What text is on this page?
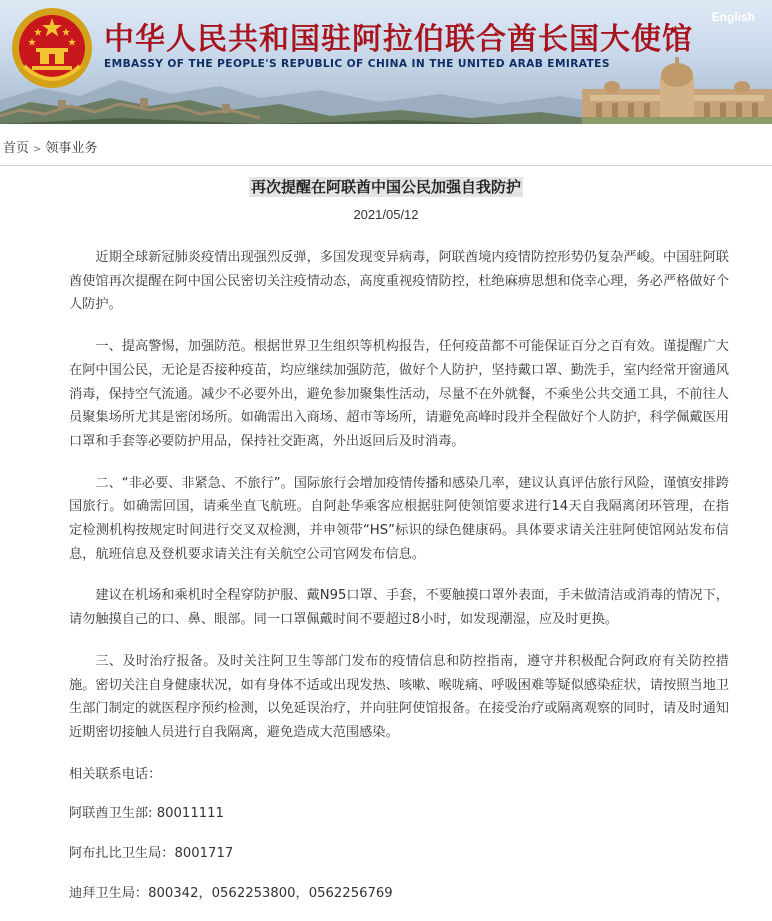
中华人民共和国驻阿拉伯联合酋长国大使馆
EMBASSY OF THE PEOPLE'S REPUBLIC OF CHINA IN THE UNITED ARAB EMIRATES
English
首页 > 领事业务
再次提醒在阿联酋中国公民加强自我防护
2021/05/12

近期全球新冠肺炎疫情出现强烈反弹，多国发现变异病毒，阿联酋境内疫情防控形势仍复杂严峻。中国驻阿联酋使馆再次提醒在阿中国公民密切关注疫情动态，高度重视疫情防控，杜绝麻痹思想和侥幸心理，务必严格做好个人防护。

一、提高警惕，加强防范。根据世界卫生组织等机构报告，任何疫苗都不可能保证百分之百有效。谨提醒广大在阿中国公民，无论是否接种疫苗，均应继续加强防范，做好个人防护，坚持戴口罩、勤洗手，室内经常开窗通风消毒，保持空气流通。减少不必要外出，避免参加聚集性活动，尽量不在外就餐，不乘坐公共交通工具，不前往人员聚集场所尤其是密闭场所。如确需出入商场、超市等场所，请避免高峰时段并全程做好个人防护，科学佩戴医用口罩和手套等必要防护用品，保持社交距离，外出返回后及时消毒。

二、“非必要、非紧急、不旅行”。国际旅行会增加疫情传播和感染几率，建议认真评估旅行风险，谨慎安排跨国旅行。如确需回国，请乘坐直飞航班。自阿赴华乘客应根据驻阿使领馆要求进行14天自我隔离闭环管理，在指定检测机构按规定时间进行交叉双检测，并申领带“HS”标识的绿色健康码。具体要求请关注驻阿使馆网站发布信息，航班信息及登机要求请关注有关航空公司官网发布信息。

建议在机场和乘机时全程穿防护服、戴N95口罩、手套，不要触摸口罩外表面，手未做清洁或消毒的情况下，请勿触摸自己的口、鼻、眼部。同一口罩佩戴时间不要超过8小时，如发现潮湿，应及时更换。

三、及时治疗报备。及时关注阿卫生等部门发布的疫情信息和防控指南，遵守并积极配合阿政府有关防控措施。密切关注自身健康状况，如有身体不适或出现发热、咳嗽、喉咙痛、呼吸困难等疑似感染症状，请按照当地卫生部门制定的就医程序预约检测，以免延误治疗，并向驻阿使馆报备。在接受治疗或隔离观察的同时，请及时通知近期密切接触人员进行自我隔离，避免造成大范围感染。

相关联系电话：

阿联酋卫生部: 80011111

阿布扎比卫生局：8001717

迪拜卫生局：800342，0562253800，0562256769
